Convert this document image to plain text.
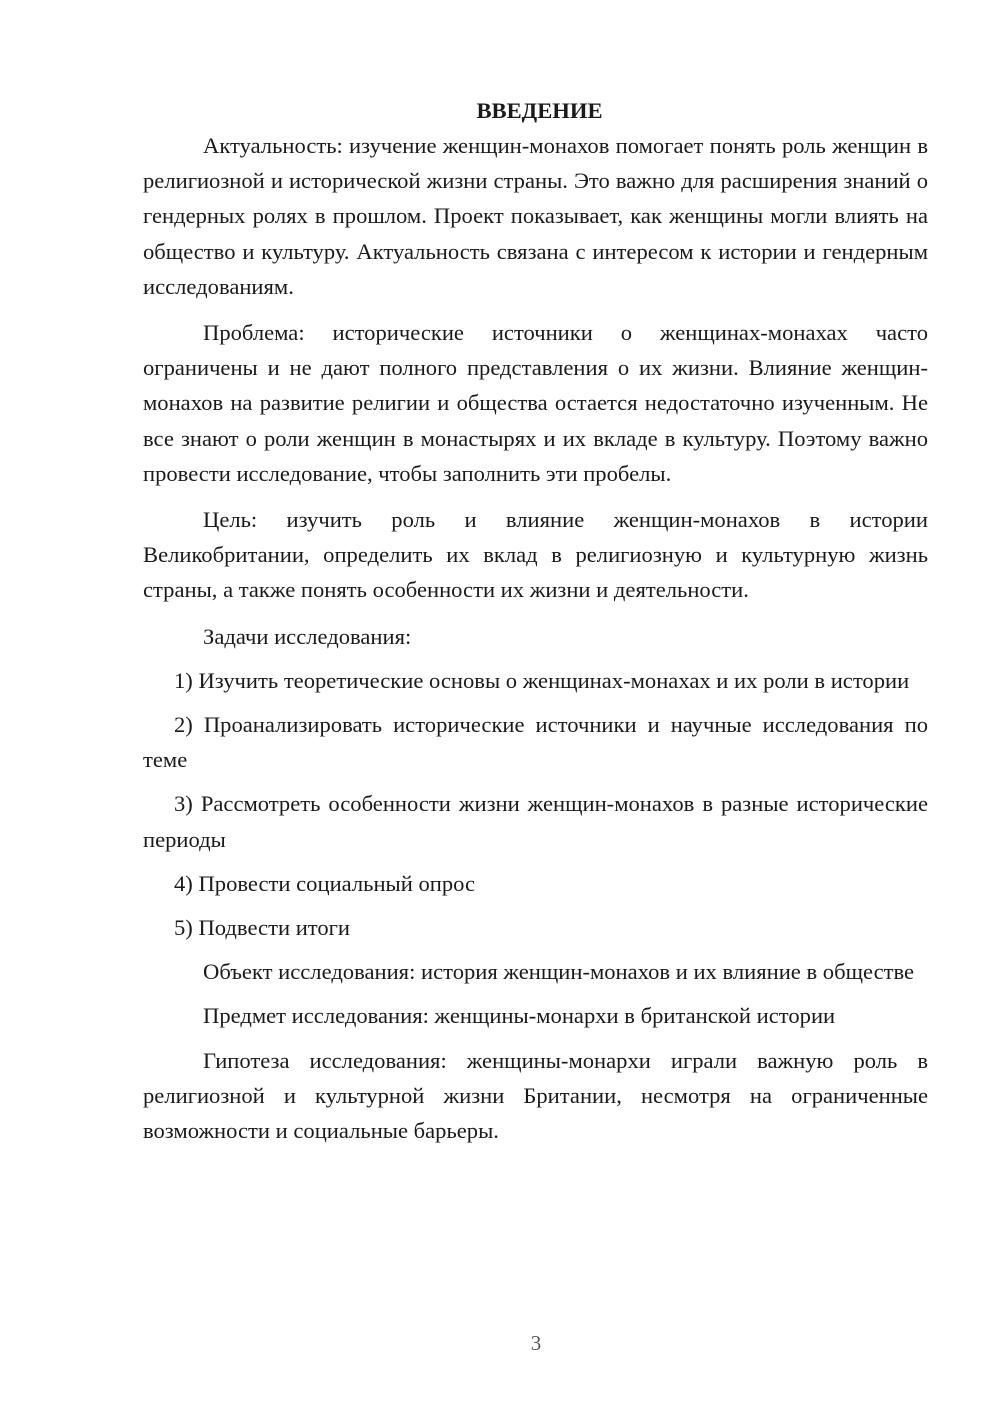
ВВЕДЕНИЕ

Актуальность: изучение женщин-монахов помогает понять роль женщин в религиозной и исторической жизни страны. Это важно для расширения знаний о гендерных ролях в прошлом. Проект показывает, как женщины могли влиять на общество и культуру. Актуальность связана с интересом к истории и гендерным исследованиям.

Проблема: исторические источники о женщинах-монахах часто ограничены и не дают полного представления о их жизни. Влияние женщин-монахов на развитие религии и общества остается недостаточно изученным. Не все знают о роли женщин в монастырях и их вкладе в культуру. Поэтому важно провести исследование, чтобы заполнить эти пробелы.

Цель: изучить роль и влияние женщин-монахов в истории Великобритании, определить их вклад в религиозную и культурную жизнь страны, а также понять особенности их жизни и деятельности.

Задачи исследования:

1) Изучить теоретические основы о женщинах-монахах и их роли в истории

2) Проанализировать исторические источники и научные исследования по теме

3) Рассмотреть особенности жизни женщин-монахов в разные исторические периоды

4) Провести социальный опрос

5) Подвести итоги

Объект исследования: история женщин-монахов и их влияние в обществе

Предмет исследования: женщины-монархи в британской истории

Гипотеза исследования: женщины-монархи играли важную роль в религиозной и культурной жизни Британии, несмотря на ограниченные возможности и социальные барьеры.

3
